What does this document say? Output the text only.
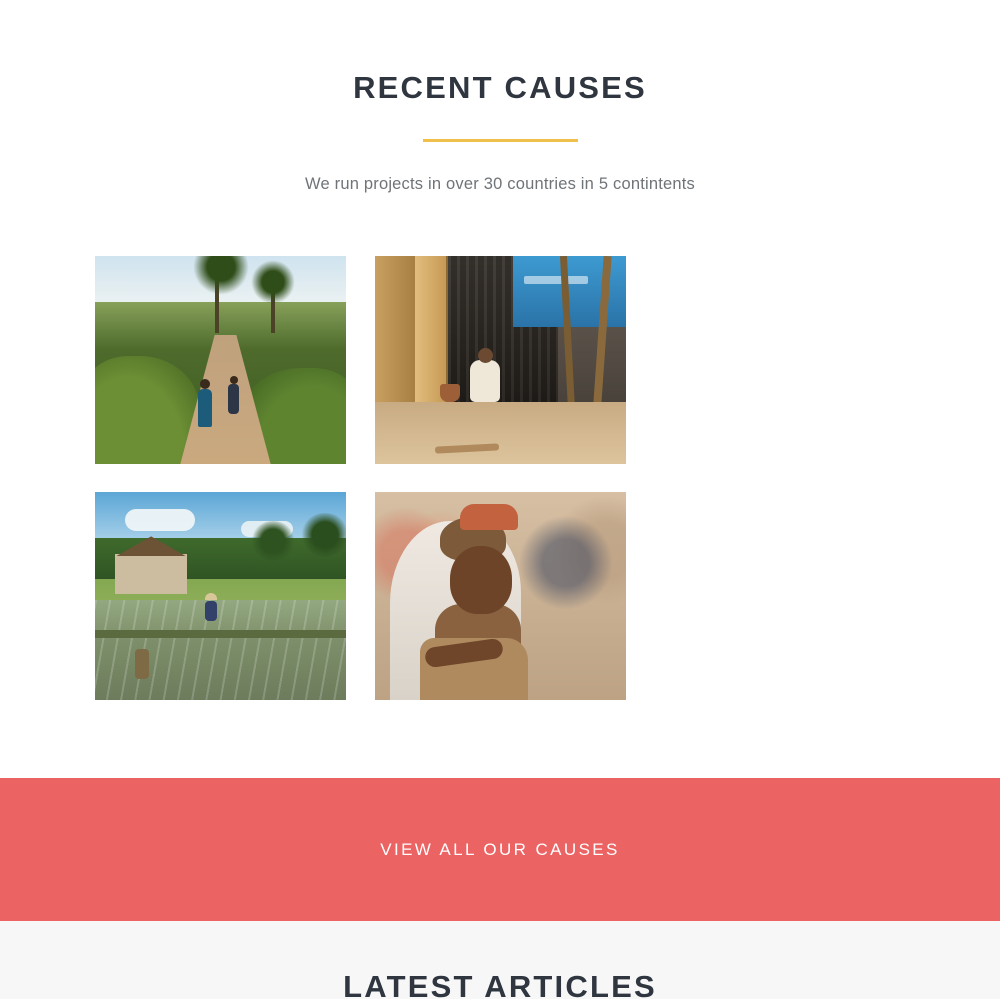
RECENT CAUSES

We run projects in over 30 countries in 5 contintents

VIEW ALL OUR CAUSES
LATEST ARTICLES
